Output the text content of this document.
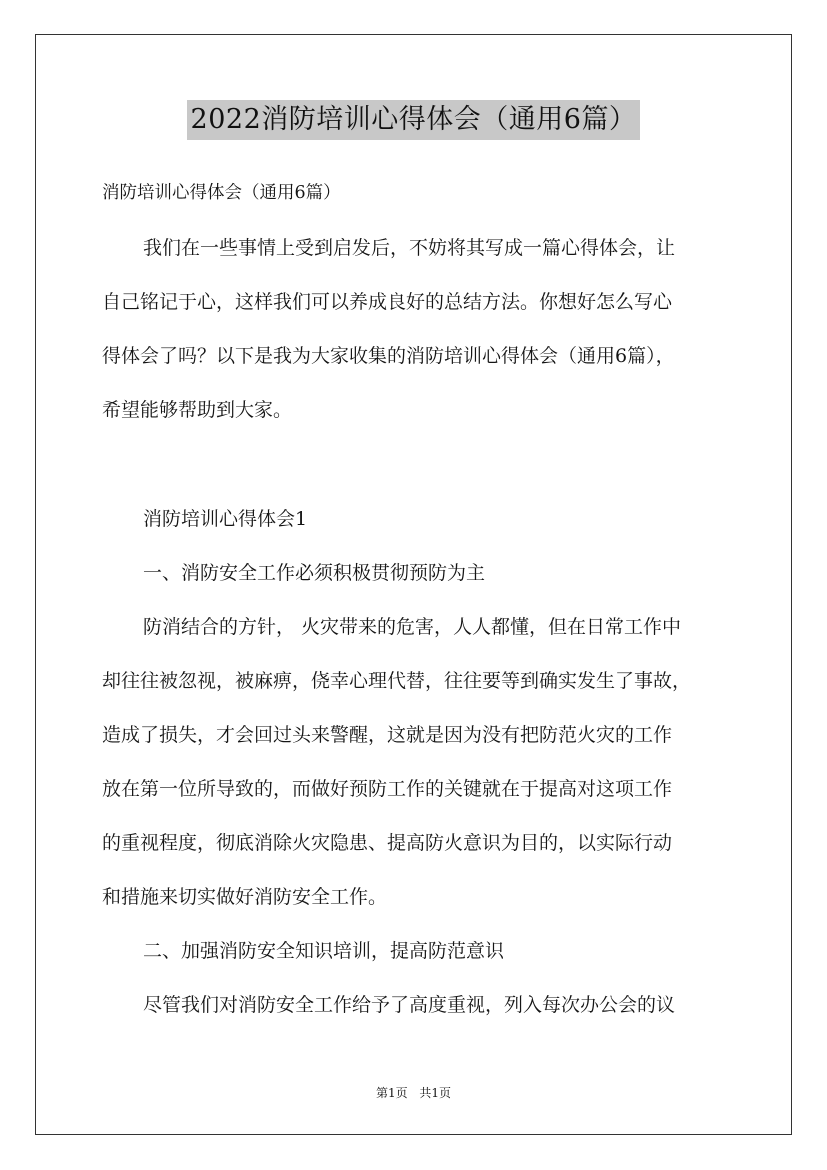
2022消防培训心得体会（通用6篇）
消防培训心得体会（通用6篇）
我们在一些事情上受到启发后，不妨将其写成一篇心得体会，让
自己铭记于心，这样我们可以养成良好的总结方法。你想好怎么写心
得体会了吗？以下是我为大家收集的消防培训心得体会（通用6篇），
希望能够帮助到大家。
消防培训心得体会1
一、消防安全工作必须积极贯彻预防为主
防消结合的方针， 火灾带来的危害，人人都懂，但在日常工作中
却往往被忽视，被麻痹，侥幸心理代替，往往要等到确实发生了事故，
造成了损失，才会回过头来警醒，这就是因为没有把防范火灾的工作
放在第一位所导致的，而做好预防工作的关键就在于提高对这项工作
的重视程度，彻底消除火灾隐患、提高防火意识为目的，以实际行动
和措施来切实做好消防安全工作。
二、加强消防安全知识培训，提高防范意识
尽管我们对消防安全工作给予了高度重视，列入每次办公会的议
第1页 共1页
